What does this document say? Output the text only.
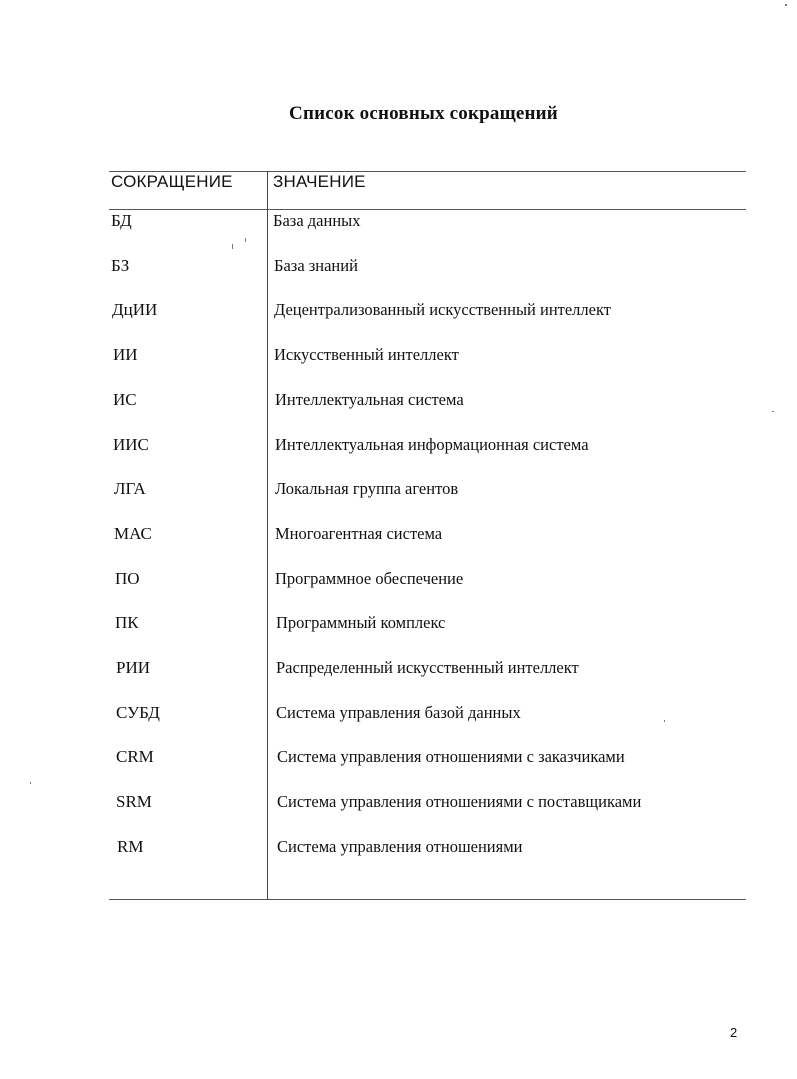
Список основных сокращений
СОКРАЩЕНИЕ ЗНАЧЕНИЕ
БД	База данных
БЗ	База знаний
ДцИИ	Децентрализованный искусственный интеллект
ИИ	Искусственный интеллект
ИС	Интеллектуальная система
ИИС	Интеллектуальная информационная система
ЛГА	Локальная группа агентов
МАС	Многоагентная система
ПО	Программное обеспечение
ПК	Программный комплекс
РИИ	Распределенный искусственный интеллект
СУБД	Система управления базой данных
CRM	Система управления отношениями с заказчиками
SRM	Система управления отношениями с поставщиками
RM	Система управления отношениями
2
